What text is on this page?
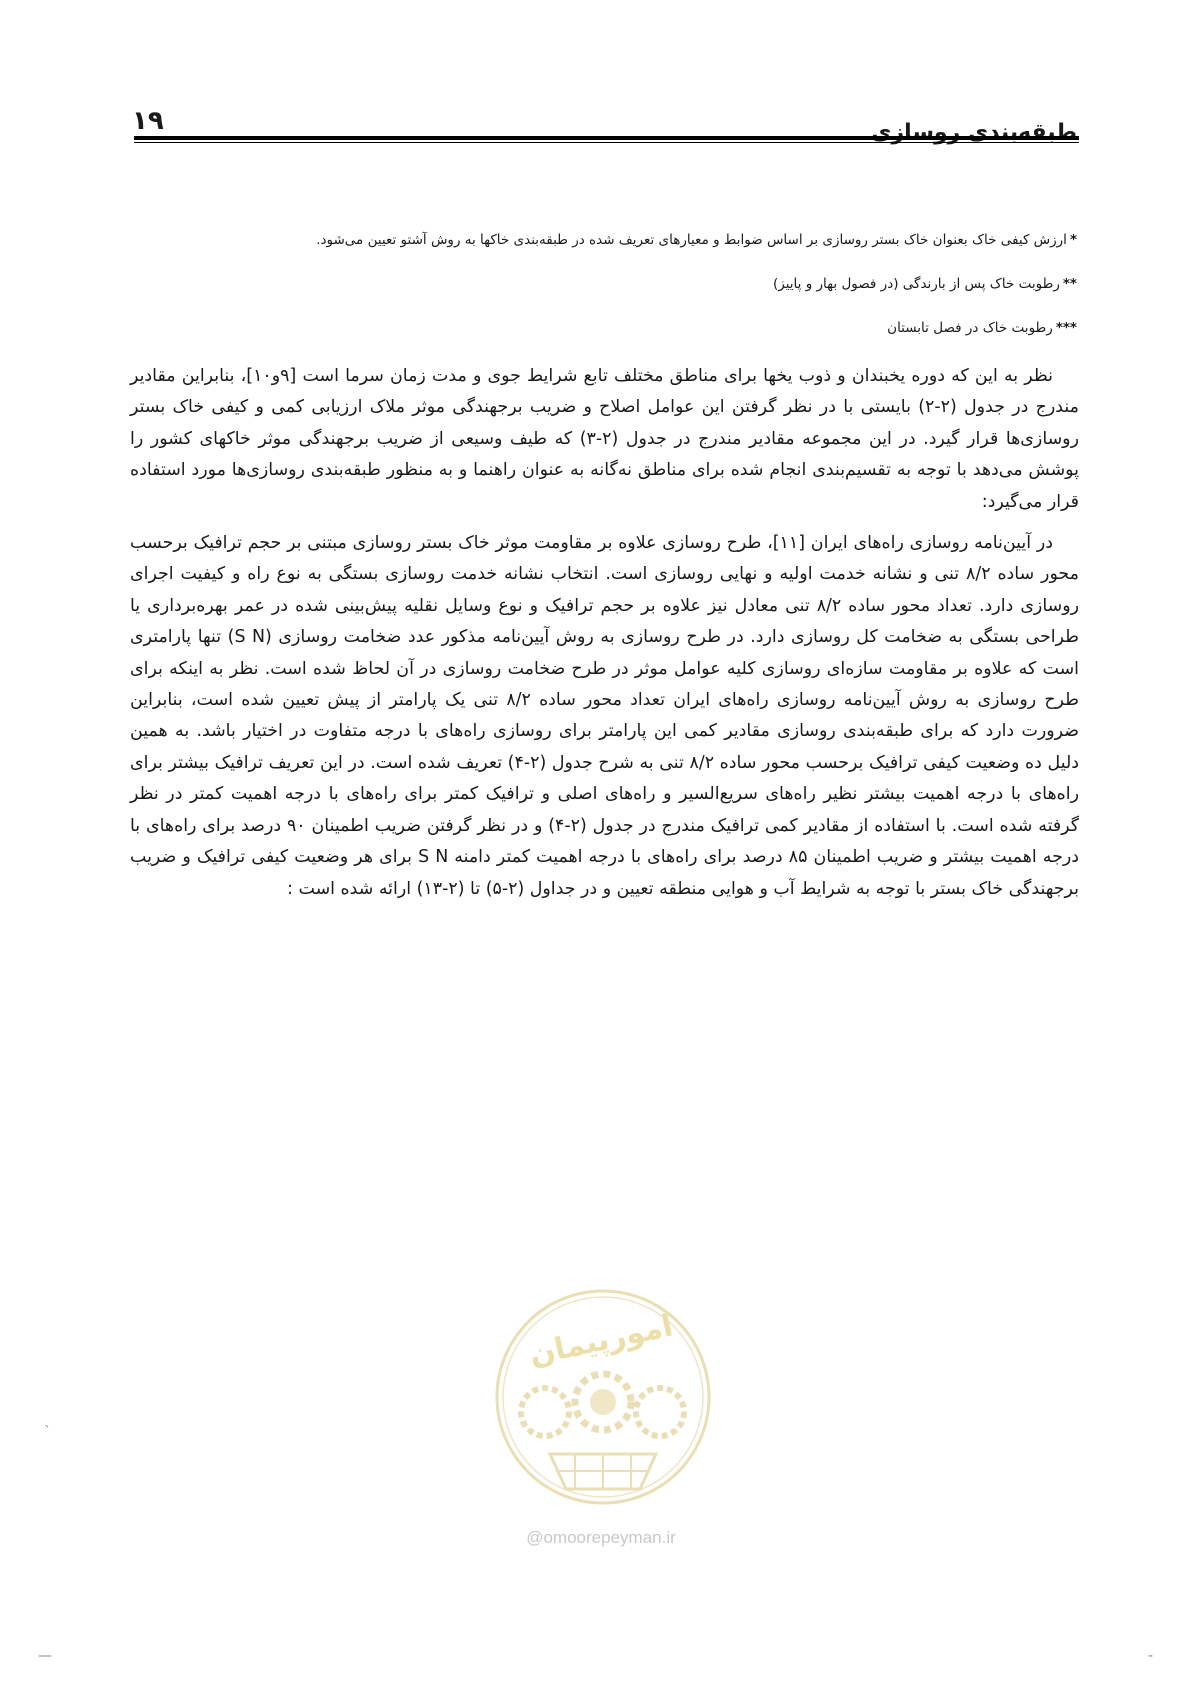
۱۹	طبقه‌بندی روسازی

*ارزش کیفی خاک بعنوان خاک بستر روسازی بر اساس ضوابط و معیارهای تعریف شده در طبقه‌بندی خاکها به روش آشتو تعیین می‌شود.

**رطوبت خاک پس از بارندگی (در فصول بهار و پاییز)

***رطوبت خاک در فصل تابستان

نظر به این که دوره یخبندان و ذوب یخها برای مناطق مختلف تابع شرایط جوی و مدت زمان سرما است [۹و۱۰]، بنابراین مقادیر مندرج در جدول (۲-۲) بایستی با در نظر گرفتن این عوامل اصلاح و ضریب برجهندگی موثر ملاک ارزیابی کمی و کیفی خاک بستر روسازی‌ها قرار گیرد. در این مجموعه مقادیر مندرج در جدول (۲-۳) که طیف وسیعی از ضریب برجهندگی موثر خاکهای کشور را پوشش می‌دهد با توجه به تقسیم‌بندی انجام شده برای مناطق نه‌گانه به عنوان راهنما و به منظور طبقه‌بندی روسازی‌ها مورد استفاده قرار می‌گیرد:

در آیین‌نامه روسازی راه‌های ایران [۱۱]، طرح روسازی علاوه بر مقاومت موثر خاک بستر روسازی مبتنی بر حجم ترافیک برحسب محور ساده ۸/۲ تنی و نشانه خدمت اولیه و نهایی روسازی است. انتخاب نشانه خدمت روسازی بستگی به نوع راه و کیفیت اجرای روسازی دارد. تعداد محور ساده ۸/۲ تنی معادل نیز علاوه بر حجم ترافیک و نوع وسایل نقلیه پیش‌بینی شده در عمر بهره‌برداری یا طراحی بستگی به ضخامت کل روسازی دارد. در طرح روسازی به روش آیین‌نامه مذکور عدد ضخامت روسازی (S N) تنها پارامتری است که علاوه بر مقاومت سازه‌ای روسازی کلیه عوامل موثر در طرح ضخامت روسازی در آن لحاظ شده است. نظر به اینکه برای طرح روسازی به روش آیین‌نامه روسازی راه‌های ایران تعداد محور ساده ۸/۲ تنی یک پارامتر از پیش تعیین شده است، بنابراین ضرورت دارد که برای طبقه‌بندی روسازی مقادیر کمی این پارامتر برای روسازی راه‌های با درجه متفاوت در اختیار باشد. به همین دلیل ده وضعیت کیفی ترافیک برحسب محور ساده ۸/۲ تنی به شرح جدول (۲-۴) تعریف شده است. در این تعریف ترافیک بیشتر برای راه‌های با درجه اهمیت بیشتر نظیر راه‌های سریع‌السیر و راه‌های اصلی و ترافیک کمتر برای راه‌های با درجه اهمیت کمتر در نظر گرفته شده است. با استفاده از مقادیر کمی ترافیک مندرج در جدول (۲-۴) و در نظر گرفتن ضریب اطمینان ۹۰ درصد برای راه‌های با درجه اهمیت بیشتر و ضریب اطمینان ۸۵ درصد برای راه‌های با درجه اهمیت کمتر دامنه S N برای هر وضعیت کیفی ترافیک و ضریب برجهندگی خاک بستر با توجه به شرایط آب و هوایی منطقه تعیین و در جداول (۲-۵) تا (۲-۱۳) ارائه شده است :

امورپیمان
@omoorepeyman.ir
ˎ
—	-
